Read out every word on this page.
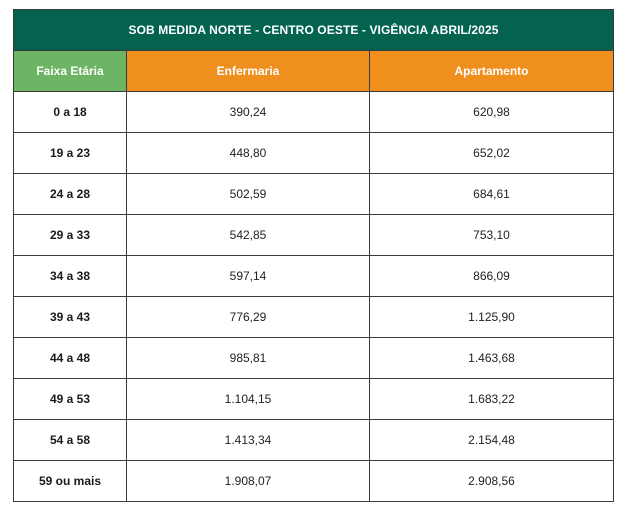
SOB MEDIDA NORTE - CENTRO OESTE - VIGÊNCIA ABRIL/2025		
Faixa Etária	Enfermaria	Apartamento
0 a 18	390,24	620,98
19 a 23	448,80	652,02
24 a 28	502,59	684,61
29 a 33	542,85	753,10
34 a 38	597,14	866,09
39 a 43	776,29	1.125,90
44 a 48	985,81	1.463,68
49 a 53	1.104,15	1.683,22
54 a 58	1.413,34	2.154,48
59 ou mais	1.908,07	2.908,56
